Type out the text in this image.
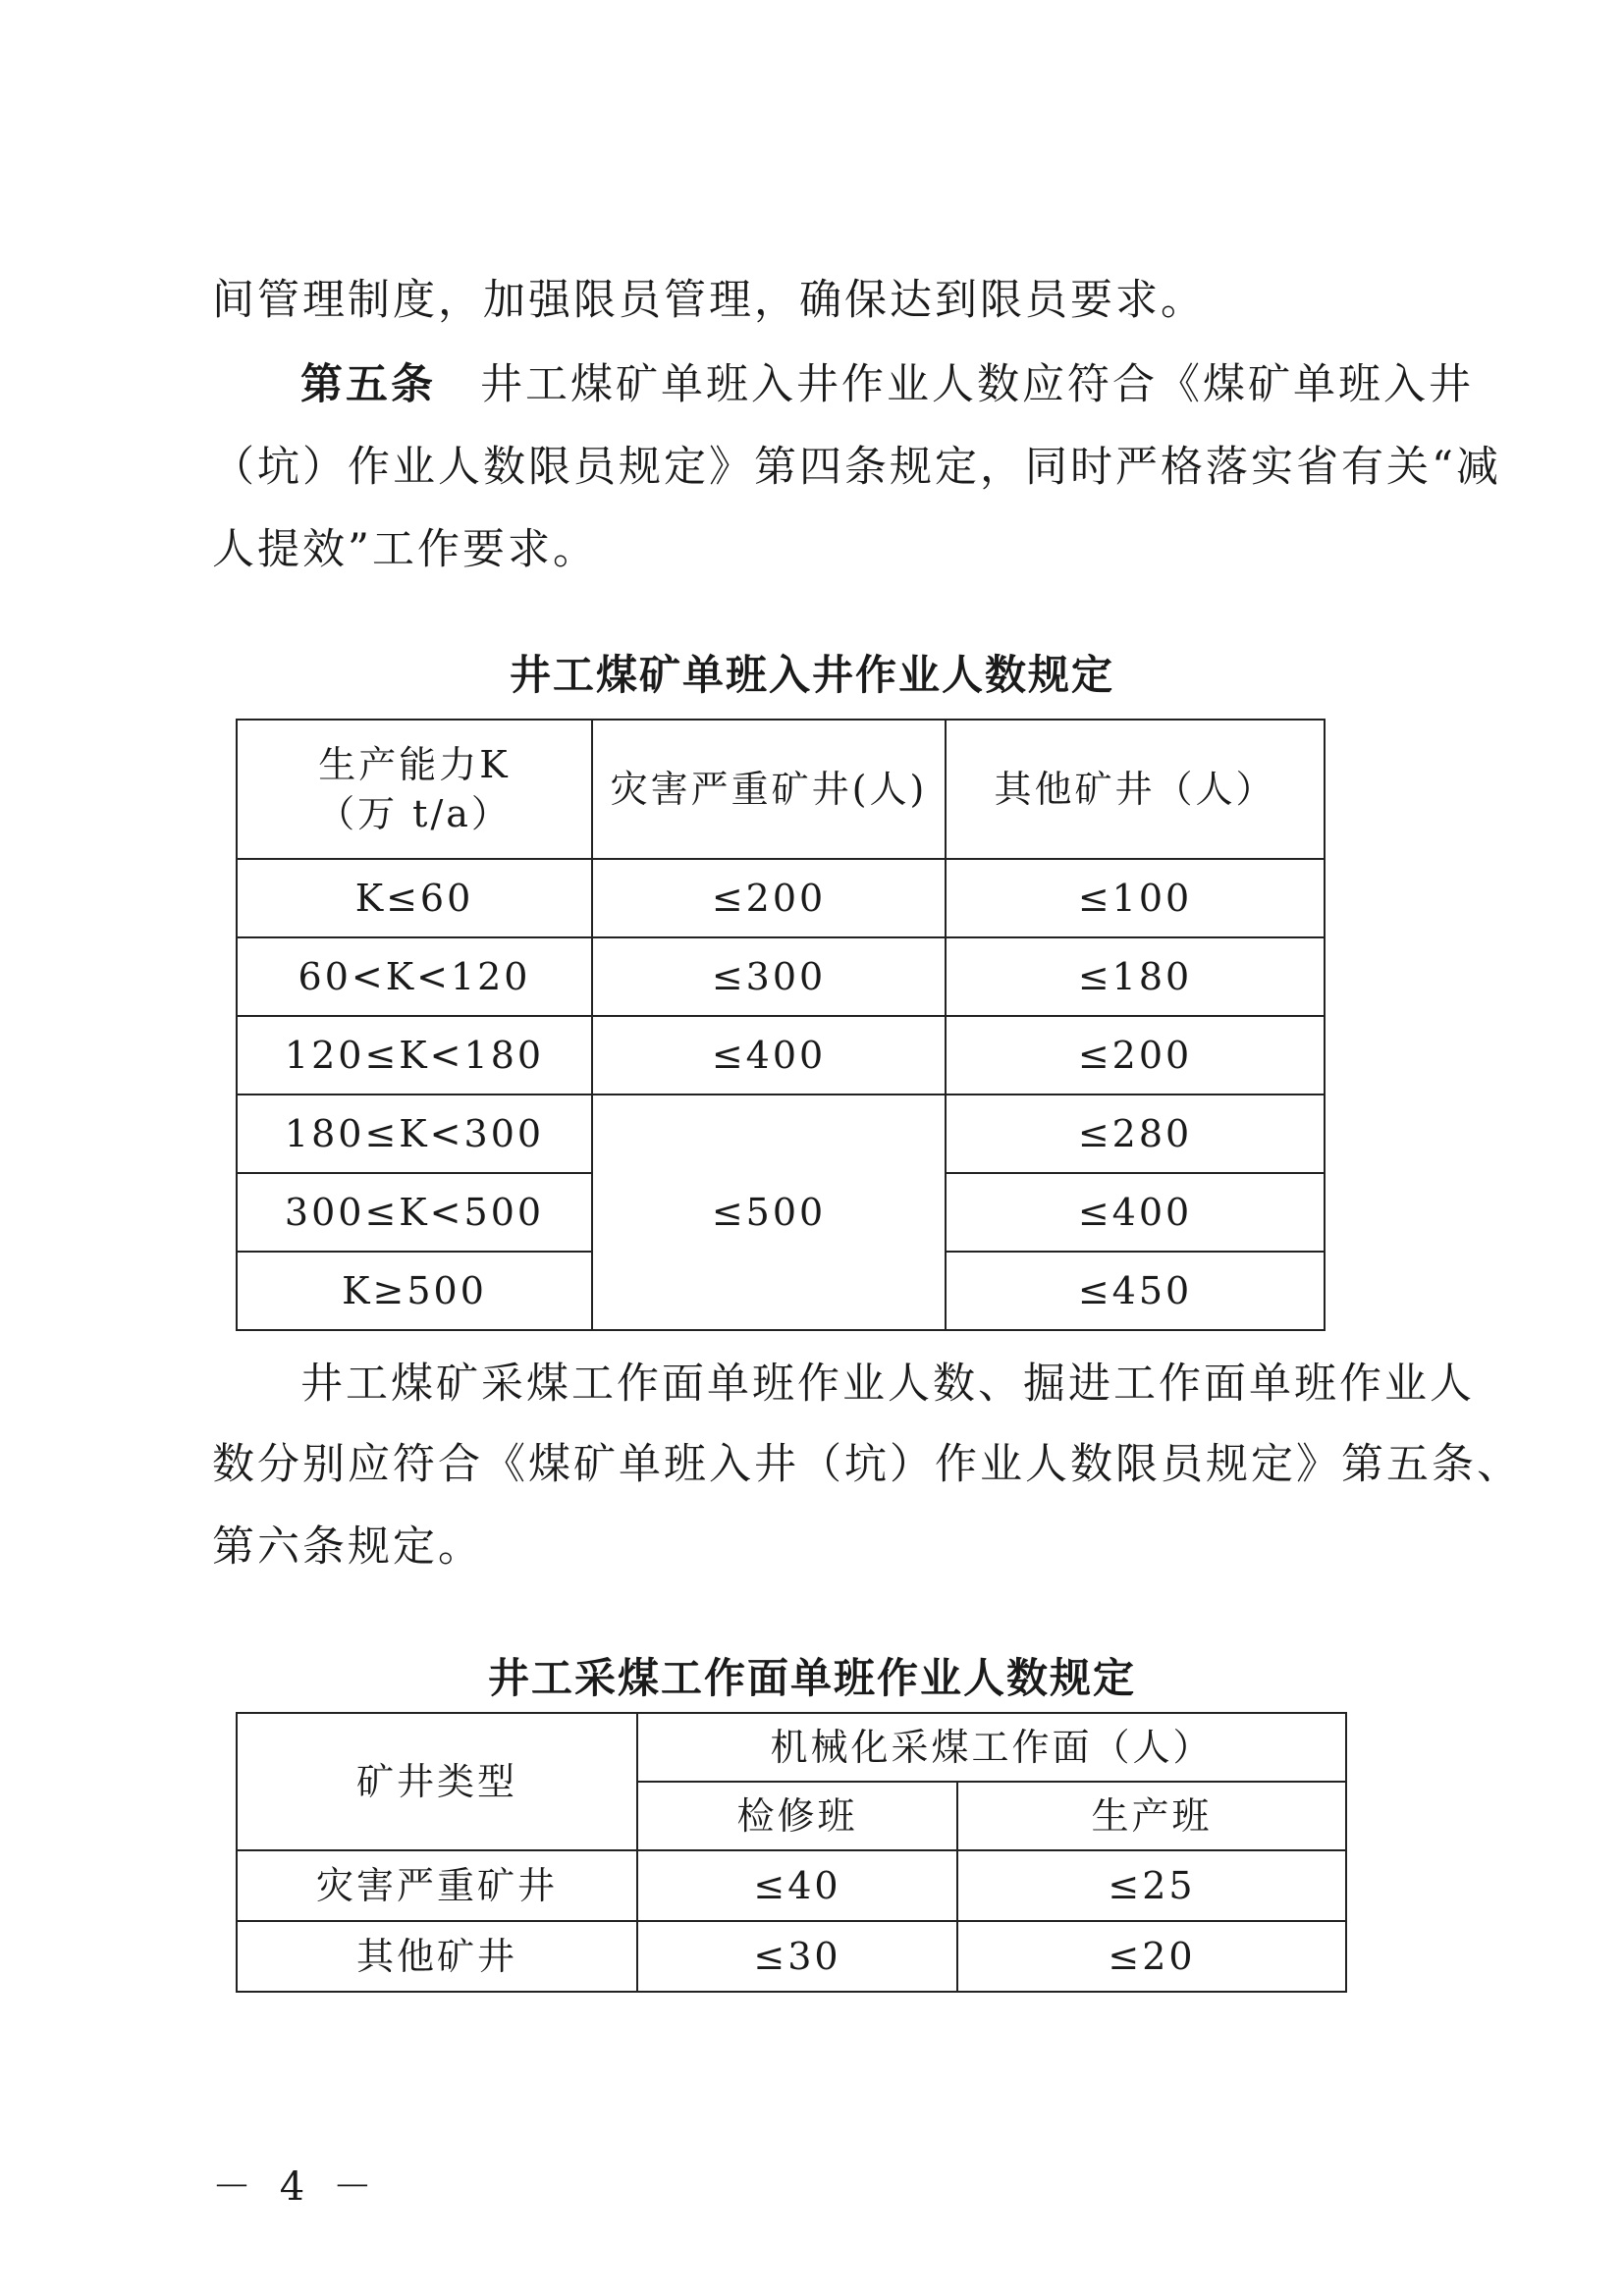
间管理制度，加强限员管理，确保达到限员要求。
第五条 井工煤矿单班入井作业人数应符合《煤矿单班入井
（坑）作业人数限员规定》第四条规定，同时严格落实省有关“减
人提效”工作要求。
井工煤矿单班入井作业人数规定
生产能力K
（万 t/a）	灾害严重矿井(人)	其他矿井（人）
K≤60	≤200	≤100
60<K<120	≤300	≤180
120≤K<180	≤400	≤200
180≤K<300	≤500	≤280
300≤K<500		≤400
K≥500		≤450
井工煤矿采煤工作面单班作业人数、掘进工作面单班作业人
数分别应符合《煤矿单班入井（坑）作业人数限员规定》第五条、
第六条规定。
井工采煤工作面单班作业人数规定
矿井类型	机械化采煤工作面（人）	
	检修班	生产班
灾害严重矿井	≤40	≤25
其他矿井	≤30	≤20
－ 4 －
